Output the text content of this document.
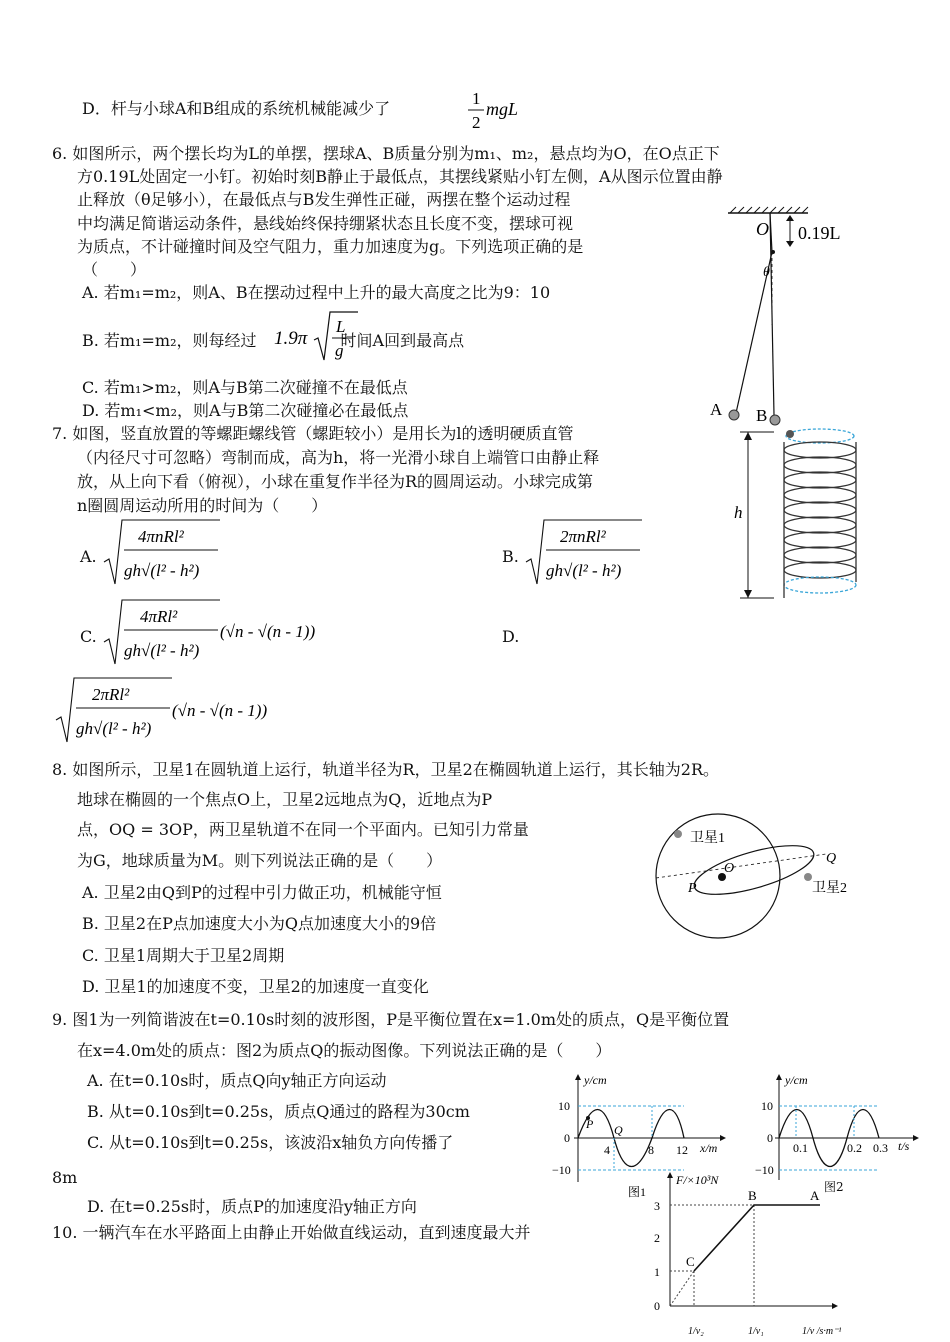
D．杆与小球A和B组成的系统机械能减少了
1
2
mgL
6. 如图所示，两个摆长均为L的单摆，摆球A、B质量分别为m₁、m₂，悬点均为O，在O点正下
方0.19L处固定一小钉。初始时刻B静止于最低点，其摆线紧贴小钉左侧，A从图示位置由静
止释放（θ足够小），在最低点与B发生弹性正碰，两摆在整个运动过程
中均满足简谐运动条件，悬线始终保持绷紧状态且长度不变，摆球可视
为质点，不计碰撞时间及空气阻力，重力加速度为g。下列选项正确的是
（　　）
A. 若m₁=m₂，则A、B在摆动过程中上升的最大高度之比为9：10
B. 若m₁=m₂，则每经过	时间A回到最高点
1.9π
L
g
C. 若m₁>m₂，则A与B第二次碰撞不在最低点
D. 若m₁<m₂，则A与B第二次碰撞必在最低点
O
θ
0.19L
A B
7. 如图，竖直放置的等螺距螺线管（螺距较小）是用长为l的透明硬质直管
（内径尺寸可忽略）弯制而成，高为h，将一光滑小球自上端管口由静止释
放，从上向下看（俯视），小球在重复作半径为R的圆周运动。小球完成第
n圈圆周运动所用的时间为（　　）
A.
4πnRl²
gh√(l² - h²)
B.
2πnRl²
gh√(l² - h²)
C.
4πRl²
gh√(l² - h²)
(√n - √(n - 1))	D.
2πRl²
gh√(l² - h²)
(√n - √(n - 1))
h
8. 如图所示，卫星1在圆轨道上运行，轨道半径为R，卫星2在椭圆轨道上运行，其长轴为2R。
地球在椭圆的一个焦点O上，卫星2远地点为Q，近地点为P
点，OQ = 3OP，两卫星轨道不在同一个平面内。已知引力常量
为G，地球质量为M。则下列说法正确的是（　　）
A. 卫星2由Q到P的过程中引力做正功，机械能守恒
B. 卫星2在P点加速度大小为Q点加速度大小的9倍
C. 卫星1周期大于卫星2周期
D. 卫星1的加速度不变，卫星2的加速度一直变化
卫星1
卫星2
O
P
Q
9. 图1为一列简谐波在t=0.10s时刻的波形图，P是平衡位置在x=1.0m处的质点，Q是平衡位置
在x=4.0m处的质点：图2为质点Q的振动图像。下列说法正确的是（　　）
A. 在t=0.10s时，质点Q向y轴正方向运动
B. 从t=0.10s到t=0.25s，质点Q通过的路程为30cm
C. 从t=0.10s到t=0.25s，该波沿x轴负方向传播了
8m
D. 在t=0.25s时，质点P的加速度沿y轴正方向
y/cm
x/m
10
0
−10
4	8 12
P Q
图1
y/cm
t/s
10
0
−10
0.1	0.2 0.3
图2
10. 一辆汽车在水平路面上由静止开始做直线运动，直到速度最大并
F/×10³N
3
2
1
0
B	A
C
1/v₂	1/v₁	1/v /s·m⁻¹
